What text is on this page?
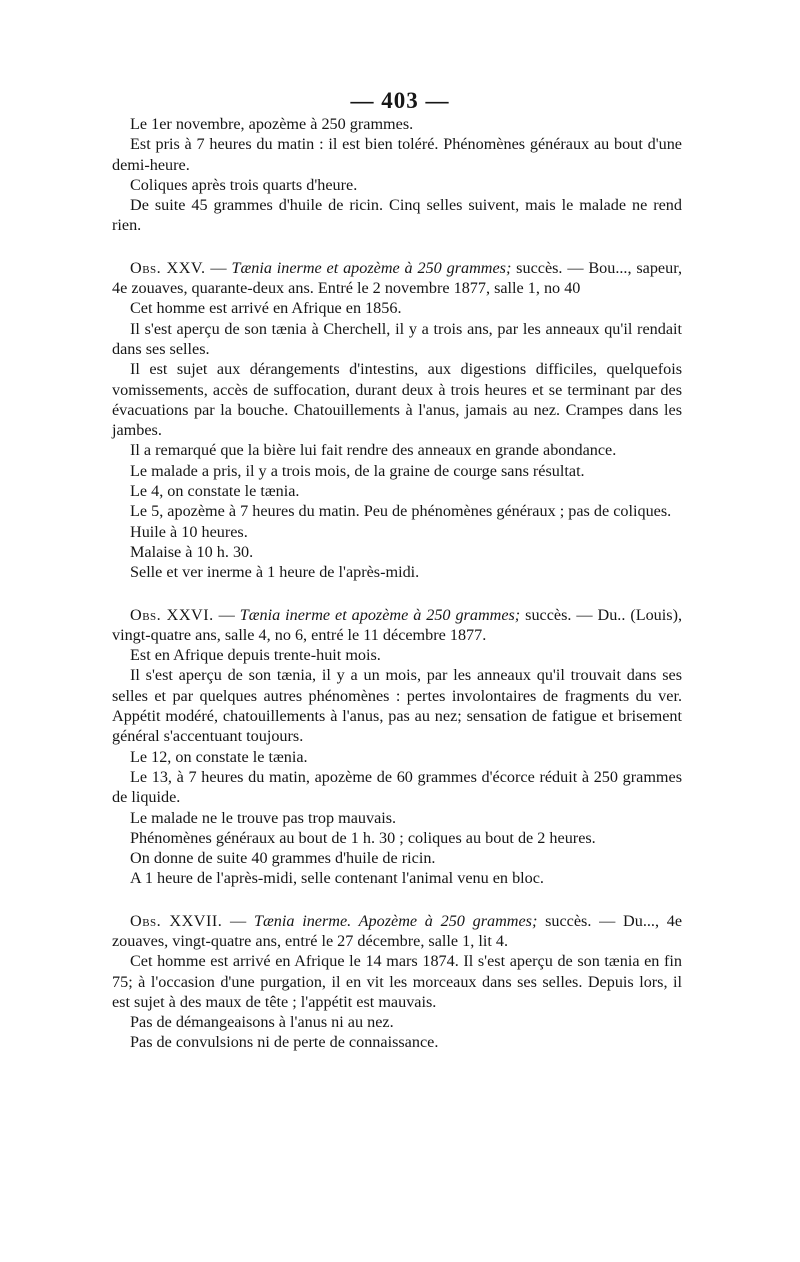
— 403 —

Le 1er novembre, apozème à 250 grammes.

Est pris à 7 heures du matin : il est bien toléré. Phénomènes généraux au bout d'une demi-heure.

Coliques après trois quarts d'heure.

De suite 45 grammes d'huile de ricin. Cinq selles suivent, mais le malade ne rend rien.

Obs. XXV. — Tænia inerme et apozème à 250 grammes; succès. — Bou..., sapeur, 4e zouaves, quarante-deux ans. Entré le 2 novembre 1877, salle 1, no 40

Cet homme est arrivé en Afrique en 1856.

Il s'est aperçu de son tænia à Cherchell, il y a trois ans, par les anneaux qu'il rendait dans ses selles.

Il est sujet aux dérangements d'intestins, aux digestions difficiles, quelquefois vomissements, accès de suffocation, durant deux à trois heures et se terminant par des évacuations par la bouche. Chatouillements à l'anus, jamais au nez. Crampes dans les jambes.

Il a remarqué que la bière lui fait rendre des anneaux en grande abondance.

Le malade a pris, il y a trois mois, de la graine de courge sans résultat.

Le 4, on constate le tænia.

Le 5, apozème à 7 heures du matin. Peu de phénomènes généraux ; pas de coliques.

Huile à 10 heures.

Malaise à 10 h. 30.

Selle et ver inerme à 1 heure de l'après-midi.

Obs. XXVI. — Tænia inerme et apozème à 250 grammes; succès. — Du.. (Louis), vingt-quatre ans, salle 4, no 6, entré le 11 décembre 1877.

Est en Afrique depuis trente-huit mois.

Il s'est aperçu de son tænia, il y a un mois, par les anneaux qu'il trouvait dans ses selles et par quelques autres phénomènes : pertes involontaires de fragments du ver. Appétit modéré, chatouillements à l'anus, pas au nez; sensation de fatigue et brisement général s'accentuant toujours.

Le 12, on constate le tænia.

Le 13, à 7 heures du matin, apozème de 60 grammes d'écorce réduit à 250 grammes de liquide.

Le malade ne le trouve pas trop mauvais.

Phénomènes généraux au bout de 1 h. 30 ; coliques au bout de 2 heures.

On donne de suite 40 grammes d'huile de ricin.

A 1 heure de l'après-midi, selle contenant l'animal venu en bloc.

Obs. XXVII. — Tænia inerme. Apozème à 250 grammes; succès. — Du..., 4e zouaves, vingt-quatre ans, entré le 27 décembre, salle 1, lit 4.

Cet homme est arrivé en Afrique le 14 mars 1874. Il s'est aperçu de son tænia en fin 75; à l'occasion d'une purgation, il en vit les morceaux dans ses selles. Depuis lors, il est sujet à des maux de tête ; l'appétit est mauvais.

Pas de démangeaisons à l'anus ni au nez.

Pas de convulsions ni de perte de connaissance.
